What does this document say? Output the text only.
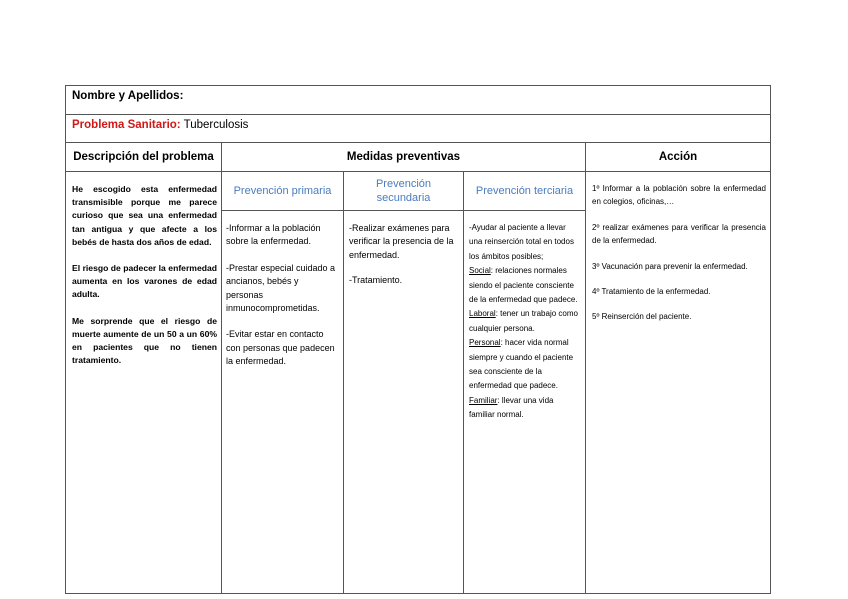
Nombre y Apellidos:
Problema Sanitario: Tuberculosis
Descripción del problema	Medidas preventivas	Acción
Prevención primaria
Prevención secundaria
Prevención terciaria

He escogido esta enfermedad transmisible porque me parece curioso que sea una enfermedad tan antigua y que afecte a los bebés de hasta dos años de edad.

El riesgo de padecer la enfermedad aumenta en los varones de edad adulta.

Me sorprende que el riesgo de muerte aumente de un 50 a un 60% en pacientes que no tienen tratamiento.

-Informar a la población sobre la enfermedad.

-Prestar especial cuidado a ancianos, bebés y personas inmunocomprometidas.

-Evitar estar en contacto con personas que padecen la enfermedad.

-Realizar exámenes para verificar la presencia de la enfermedad.

-Tratamiento.

-Ayudar al paciente a llevar una reinserción total en todos los ámbitos posibles;

Social: relaciones normales siendo el paciente consciente de la enfermedad que padece.

Laboral: tener un trabajo como cualquier persona.

Personal: hacer vida normal siempre y cuando el paciente sea consciente de la enfermedad que padece.

Familiar: llevar una vida familiar normal.

1º Informar a la población sobre la enfermedad en colegios, oficinas,…

2º realizar exámenes para verificar la presencia de la enfermedad.

3º Vacunación para prevenir la enfermedad.

4º Tratamiento de la enfermedad.

5º Reinserción del paciente.
